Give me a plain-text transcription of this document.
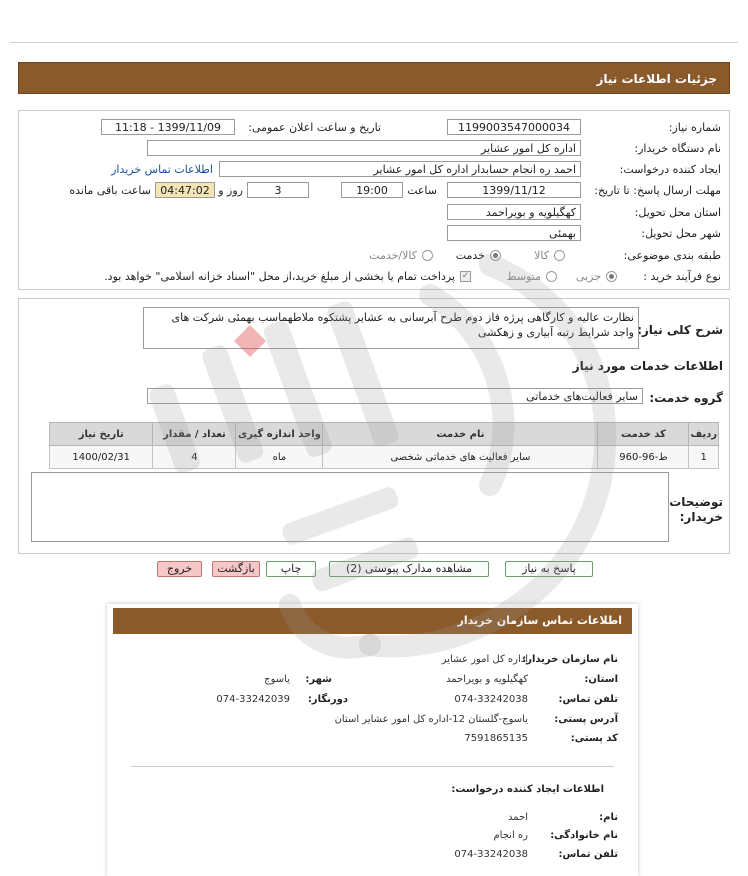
جزئیات اطلاعات نیاز
شماره نیاز:
1199003547000034
تاریخ و ساعت اعلان عمومی:
1399/11/09 - 11:18
نام دستگاه خریدار:
اداره کل امور عشایر
ایجاد کننده درخواست:
احمد ره انجام حسابدار اداره کل امور عشایر
اطلاعات تماس خریدار
مهلت ارسال پاسخ: تا تاریخ:
1399/11/12
ساعت
19:00
3
روز و
04:47:02
ساعت باقی مانده
استان محل تحویل:
کهگیلویه و بویراحمد
شهر محل تحویل:
بهمئی
طبقه بندی موضوعی:
کالا
خدمت
کالا/خدمت
نوع فرآیند خرید :
جزیی
متوسط
✓
پرداخت تمام یا بخشی از مبلغ خرید،از محل "اسناد خزانه اسلامی" خواهد بود.
شرح کلی نیاز:
نظارت عالیه و کارگاهی پرژه فاز دوم طرح آبرسانی به عشایر پشتکوه ملاطهماسب بهمئی شرکت های واجد شرایط رتبه آبیاری و زهکشی
اطلاعات خدمات مورد نیاز
گروه خدمت:
سایر فعالیت‌های خدماتی
ردیف	کد خدمت	نام خدمت	واحد اندازه گیری	تعداد / مقدار	تاریخ نیاز
1	ط-96-960	سایر فعالیت های خدماتی شخصی	ماه	4	1400/02/31
توضیحات خریدار:
پاسخ به نیاز
مشاهده مدارک پیوستی (2)
چاپ
بازگشت
خروج
اطلاعات تماس سازمان خریدار
نام سازمان خریدار:
اداره کل امور عشایر
استان:
کهگیلویه و بویراحمد
شهر:
یاسوج
تلفن تماس:
074-33242038
دورنگار:
074-33242039
آدرس پستی:
یاسوج-گلستان 12-اداره کل امور عشایر استان
کد پستی:
7591865135
اطلاعات ایجاد کننده درخواست:
نام:
احمد
نام خانوادگی:
ره انجام
تلفن تماس:
074-33242038
